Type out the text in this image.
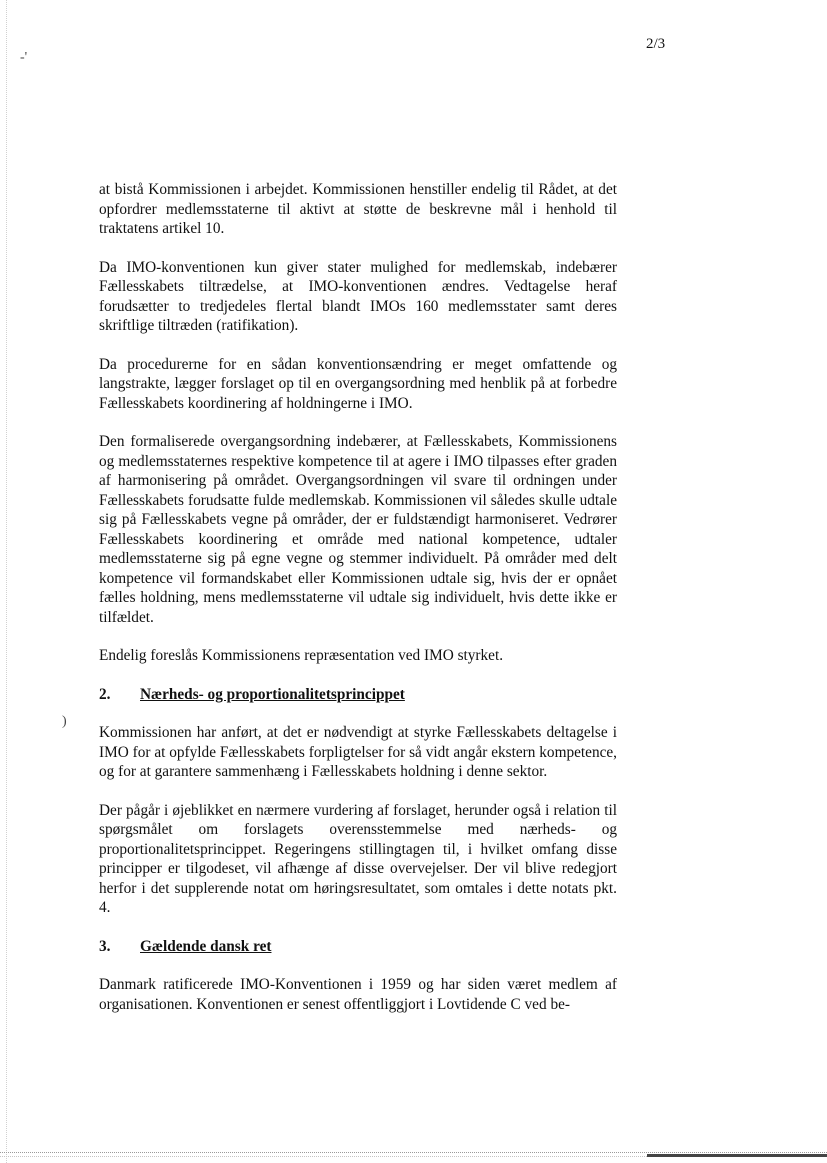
-'
)
2/3

at bistå Kommissionen i arbejdet. Kommissionen henstiller endelig til Rådet, at det opfordrer medlemsstaterne til aktivt at støtte de beskrevne mål i henhold til traktatens artikel 10.

Da IMO-konventionen kun giver stater mulighed for medlemskab, indebærer Fællesskabets tiltrædelse, at IMO-konventionen ændres. Vedtagelse heraf forudsætter to tredjedeles flertal blandt IMOs 160 medlemsstater samt deres skriftlige tiltræden (ratifikation).

Da procedurerne for en sådan konventionsændring er meget omfattende og langstrakte, lægger forslaget op til en overgangsordning med henblik på at forbedre Fællesskabets koordinering af holdningerne i IMO.

Den formaliserede overgangsordning indebærer, at Fællesskabets, Kommissionens og medlemsstaternes respektive kompetence til at agere i IMO tilpasses efter graden af harmonisering på området. Overgangsordningen vil svare til ordningen under Fællesskabets forudsatte fulde medlemskab. Kommissionen vil således skulle udtale sig på Fællesskabets vegne på områder, der er fuldstændigt harmoniseret. Vedrører Fællesskabets koordinering et område med national kompetence, udtaler medlemsstaterne sig på egne vegne og stemmer individuelt. På områder med delt kompetence vil formandskabet eller Kommissionen udtale sig, hvis der er opnået fælles holdning, mens medlemsstaterne vil udtale sig individuelt, hvis dette ikke er tilfældet.

Endelig foreslås Kommissionens repræsentation ved IMO styrket.

2.	Nærheds- og proportionalitetsprincippet

Kommissionen har anført, at det er nødvendigt at styrke Fællesskabets deltagelse i IMO for at opfylde Fællesskabets forpligtelser for så vidt angår ekstern kompetence, og for at garantere sammenhæng i Fællesskabets holdning i denne sektor.

Der pågår i øjeblikket en nærmere vurdering af forslaget, herunder også i relation til spørgsmålet om forslagets overensstemmelse med nærheds- og proportionalitetsprincippet. Regeringens stillingtagen til, i hvilket omfang disse principper er tilgodeset, vil afhænge af disse overvejelser. Der vil blive redegjort herfor i det supplerende notat om høringsresultatet, som omtales i dette notats pkt. 4.

3.	Gældende dansk ret

Danmark ratificerede IMO-Konventionen i 1959 og har siden været medlem af organisationen. Konventionen er senest offentliggjort i Lovtidende C ved be-
